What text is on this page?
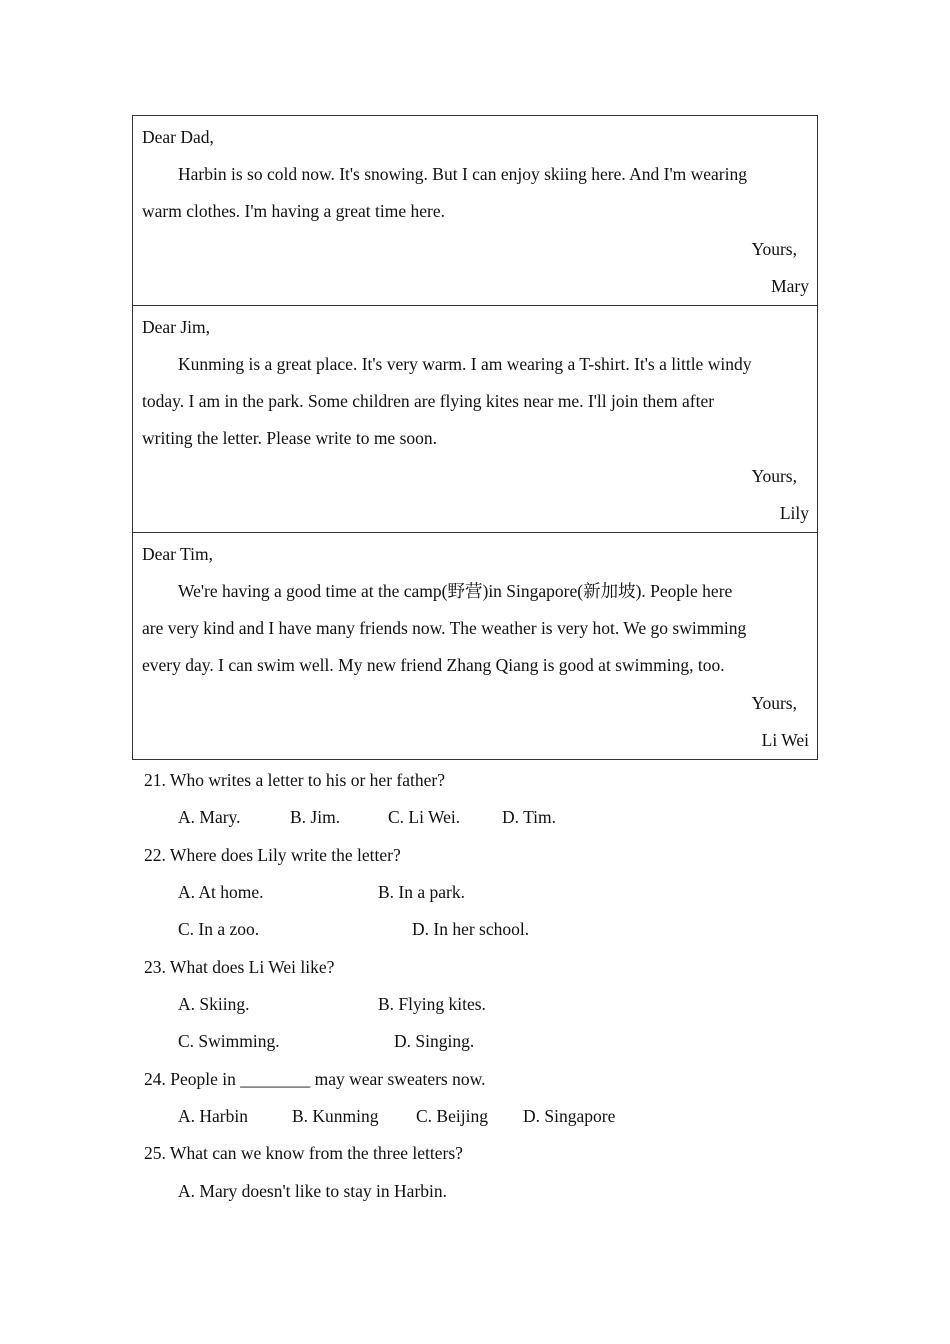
Dear Dad,
Harbin is so cold now. It's snowing. But I can enjoy skiing here. And I'm wearing
warm clothes. I'm having a great time here.
Yours,
Mary
Dear Jim,
Kunming is a great place. It's very warm. I am wearing a T-shirt. It's a little windy
today. I am in the park. Some children are flying kites near me. I'll join them after
writing the letter. Please write to me soon.
Yours,
Lily
Dear Tim,
We're having a good time at the camp(野营)in Singapore(新加坡). People here
are very kind and I have many friends now. The weather is very hot. We go swimming
every day. I can swim well. My new friend Zhang Qiang is good at swimming, too.
Yours,
Li Wei
21. Who writes a letter to his or her father?
A. Mary.	B. Jim.	C. Li Wei. D. Tim.
22. Where does Lily write the letter?
A. At home.	B. In a park.
C. In a zoo.	D. In her school.
23. What does Li Wei like?
A. Skiing.	B. Flying kites.
C. Swimming.	D. Singing.
24. People in ________ may wear sweaters now.
A. Harbin	B. Kunming C. Beijing D. Singapore
25. What can we know from the three letters?
A. Mary doesn't like to stay in Harbin.
